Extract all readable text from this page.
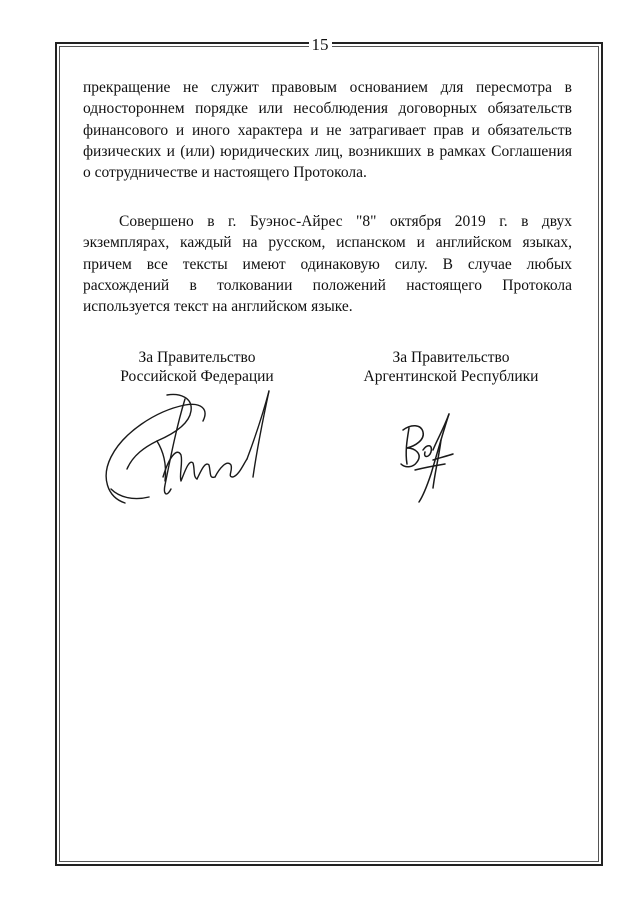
15

прекращение не служит правовым основанием для пересмотра в одностороннем порядке или несоблюдения договорных обязательств финансового и иного характера и не затрагивает прав и обязательств физических и (или) юридических лиц, возникших в рамках Соглашения о сотрудничестве и настоящего Протокола.

Совершено в г. Буэнос-Айрес "8" октября 2019 г. в двух экземплярах, каждый на русском, испанском и английском языках, причем все тексты имеют одинаковую силу. В случае любых расхождений в толковании положений настоящего Протокола используется текст на английском языке.

За Правительство
Российской Федерации
За Правительство
Аргентинской Республики
